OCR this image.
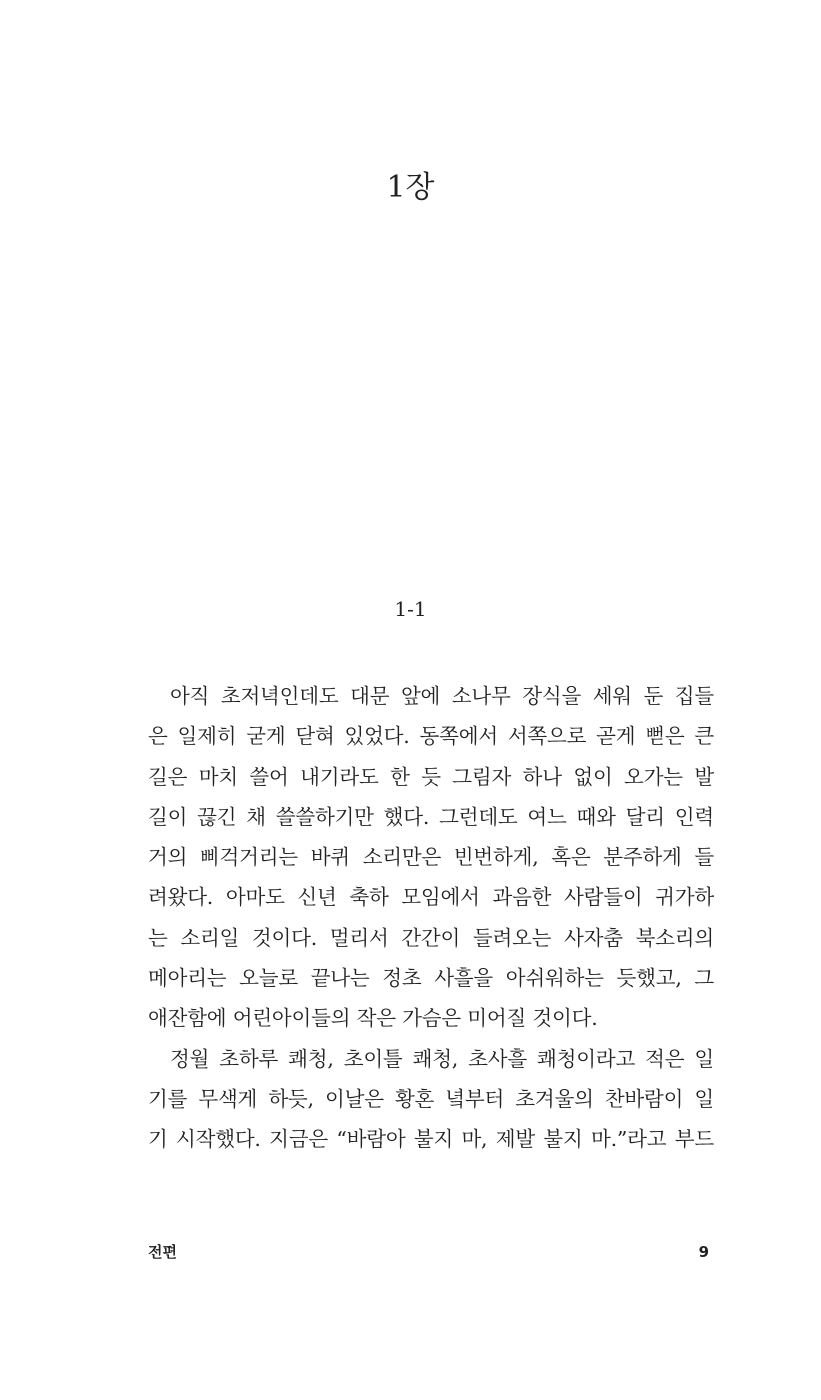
1장
1-1

아직 초저녁인데도 대문 앞에 소나무 장식을 세워 둔 집들
은 일제히 굳게 닫혀 있었다. 동쪽에서 서쪽으로 곧게 뻗은 큰
길은 마치 쓸어 내기라도 한 듯 그림자 하나 없이 오가는 발
길이 끊긴 채 쓸쓸하기만 했다. 그런데도 여느 때와 달리 인력
거의 삐걱거리는 바퀴 소리만은 빈번하게, 혹은 분주하게 들
려왔다. 아마도 신년 축하 모임에서 과음한 사람들이 귀가하
는 소리일 것이다. 멀리서 간간이 들려오는 사자춤 북소리의
메아리는 오늘로 끝나는 정초 사흘을 아쉬워하는 듯했고, 그
애잔함에 어린아이들의 작은 가슴은 미어질 것이다.

정월 초하루 쾌청, 초이틀 쾌청, 초사흘 쾌청이라고 적은 일
기를 무색게 하듯, 이날은 황혼 녘부터 초겨울의 찬바람이 일
기 시작했다. 지금은 “바람아 불지 마, 제발 불지 마.”라고 부드

전편	9
